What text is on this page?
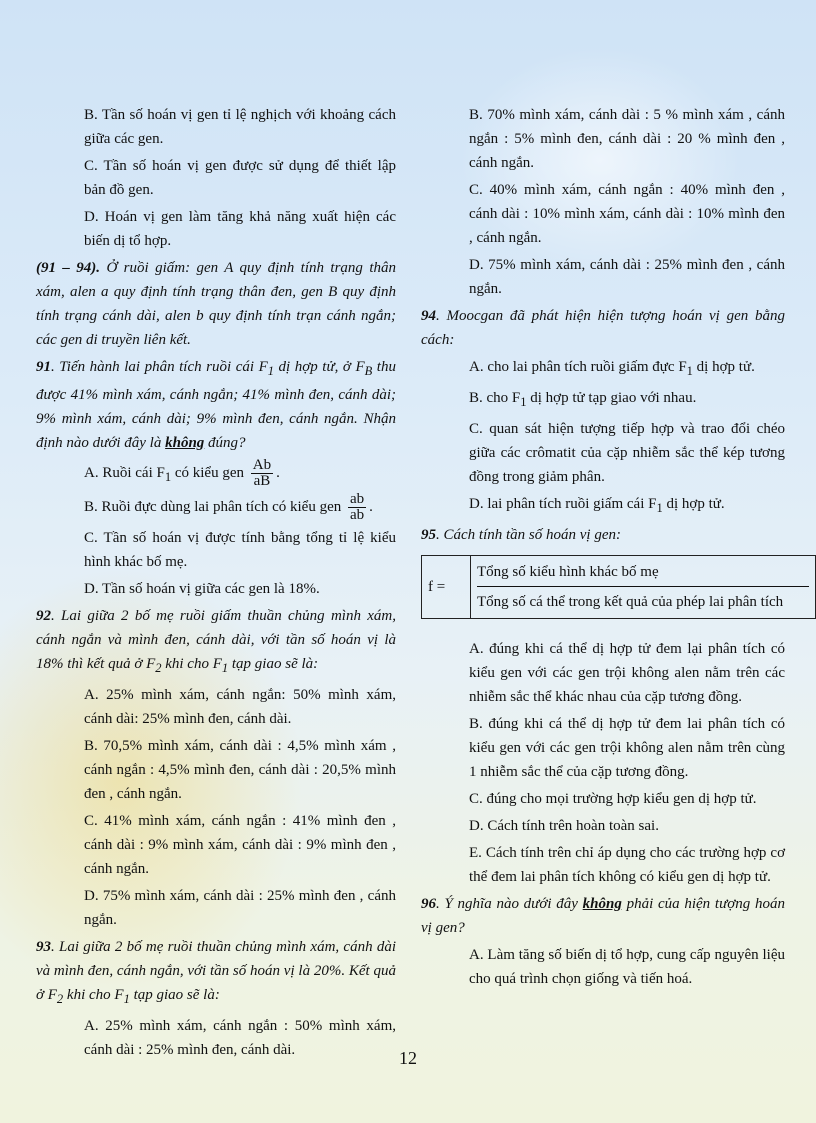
B. Tần số hoán vị gen tỉ lệ nghịch với khoảng cách giữa các gen.

C. Tần số hoán vị gen được sử dụng để thiết lập bản đồ gen.

D. Hoán vị gen làm tăng khả năng xuất hiện các biến dị tổ hợp.

(91 – 94). Ở ruồi giấm: gen A quy định tính trạng thân xám, alen a quy định tính trạng thân đen, gen B quy định tính trạng cánh dài, alen b quy định tính trạn cánh ngắn; các gen di truyền liên kết.

91. Tiến hành lai phân tích ruồi cái $F_1$ dị hợp tử, ở $F_B$ thu được 41% mình xám, cánh ngắn; 41% mình đen, cánh dài; 9% mình xám, cánh dài; 9% mình đen, cánh ngắn. Nhận định nào dưới đây là không đúng?

A. Ruồi cái $F_1$ có kiểu gen $\frac{Ab}{aB}$ .

B. Ruồi đực dùng lai phân tích có kiểu gen $\frac{ab}{ab}$ .

C. Tần số hoán vị được tính bằng tổng tỉ lệ kiểu hình khác bố mẹ.

D. Tần số hoán vị giữa các gen là 18%.

92. Lai giữa 2 bố mẹ ruồi giấm thuần chủng mình xám, cánh ngắn và mình đen, cánh dài, với tần số hoán vị là 18% thì kết quả ở $F_2$ khi cho $F_1$ tạp giao sẽ là:

A. 25% mình xám, cánh ngắn: 50% mình xám, cánh dài: 25% mình đen, cánh dài.

B. 70,5% mình xám, cánh dài : 4,5% mình xám , cánh ngắn : 4,5% mình đen, cánh dài : 20,5% mình đen , cánh ngắn.

C. 41% mình xám, cánh ngắn : 41% mình đen , cánh dài : 9% mình xám, cánh dài : 9% mình đen , cánh ngắn.

D. 75% mình xám, cánh dài : 25% mình đen , cánh ngắn.

93. Lai giữa 2 bố mẹ ruồi thuần chủng mình xám, cánh dài và mình đen, cánh ngắn, với tần số hoán vị là 20%. Kết quả ở $F_2$ khi cho $F_1$ tạp giao sẽ là:

A. 25% mình xám, cánh ngắn : 50% mình xám, cánh dài : 25% mình đen, cánh dài.

B. 70% mình xám, cánh dài : 5 % mình xám , cánh ngắn : 5% mình đen, cánh dài : 20 % mình đen , cánh ngắn.

C. 40% mình xám, cánh ngắn : 40% mình đen , cánh dài : 10% mình xám, cánh dài : 10% mình đen , cánh ngắn.

D. 75% mình xám, cánh dài : 25% mình đen , cánh ngắn.

94. Moocgan đã phát hiện hiện tượng hoán vị gen bằng cách:

A. cho lai phân tích ruồi giấm đực $F_1$ dị hợp tử.

B. cho $F_1$ dị hợp tử tạp giao với nhau.

C. quan sát hiện tượng tiếp hợp và trao đổi chéo giữa các crômatit của cặp nhiễm sắc thể kép tương đồng trong giảm phân.

D. lai phân tích ruồi giấm cái $F_1$ dị hợp tử.

95. Cách tính tần số hoán vị gen:

f =	
Tổng số kiểu hình khác bố mẹ
Tổng số cá thể trong kết quả của phép lai phân tích

A. đúng khi cá thể dị hợp tử đem lại phân tích có kiểu gen với các gen trội không alen nằm trên các nhiễm sắc thể khác nhau của cặp tương đồng.

B. đúng khi cá thể dị hợp tử đem lai phân tích có kiểu gen với các gen trội không alen nằm trên cùng 1 nhiễm sắc thể của cặp tương đồng.

C. đúng cho mọi trường hợp kiểu gen dị hợp tử.

D. Cách tính trên hoàn toàn sai.

E. Cách tính trên chỉ áp dụng cho các trường hợp cơ thể đem lai phân tích không có kiểu gen dị hợp tử.

96. Ý nghĩa nào dưới đây không phải của hiện tượng hoán vị gen?

A. Làm tăng số biến dị tổ hợp, cung cấp nguyên liệu cho quá trình chọn giống và tiến hoá.

12
